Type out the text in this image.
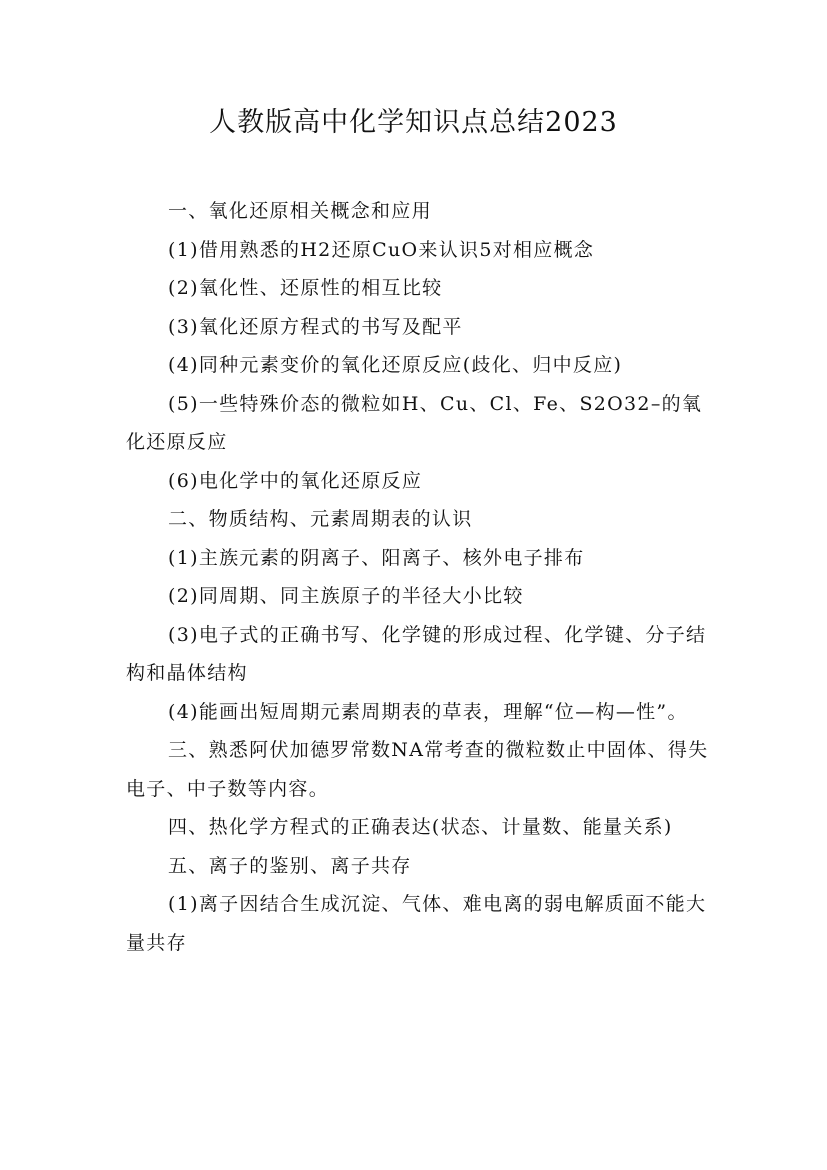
人教版高中化学知识点总结2023

一、氧化还原相关概念和应用

(1)借用熟悉的H2还原CuO来认识5对相应概念

(2)氧化性、还原性的相互比较

(3)氧化还原方程式的书写及配平

(4)同种元素变价的氧化还原反应(歧化、归中反应)

(5)一些特殊价态的微粒如H、Cu、Cl、Fe、S2O32–的氧化还原反应

(6)电化学中的氧化还原反应

二、物质结构、元素周期表的认识

(1)主族元素的阴离子、阳离子、核外电子排布

(2)同周期、同主族原子的半径大小比较

(3)电子式的正确书写、化学键的形成过程、化学键、分子结构和晶体结构

(4)能画出短周期元素周期表的草表，理解“位—构—性”。

三、熟悉阿伏加德罗常数NA常考查的微粒数止中固体、得失电子、中子数等内容。

四、热化学方程式的正确表达(状态、计量数、能量关系)

五、离子的鉴别、离子共存

(1)离子因结合生成沉淀、气体、难电离的弱电解质面不能大量共存
